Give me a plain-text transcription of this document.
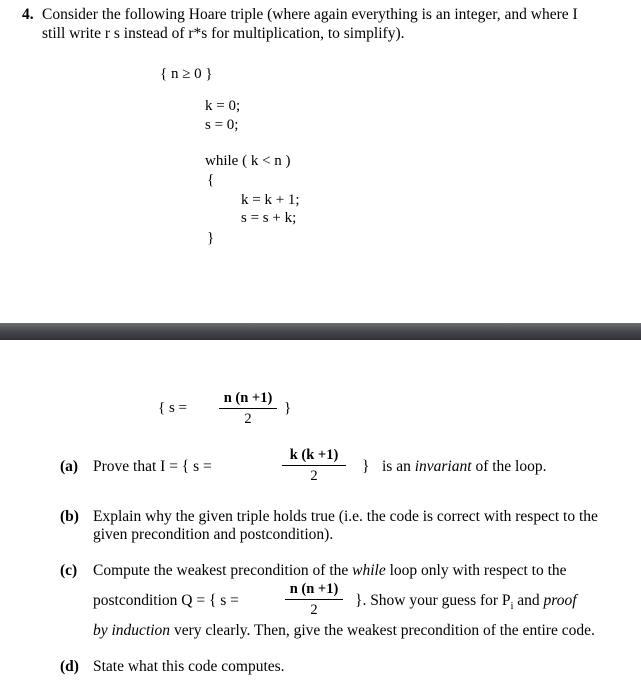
4. Consider the following Hoare triple (where again everything is an integer, and where I
still write r s instead of r*s for multiplication, to simplify).
{ n ≥ 0 }
k = 0;
s = 0;
while ( k < n )
{
k = k + 1;
s = s + k;
}
{ s =
n (n +1)
2
}
(a) Prove that I = { s =
k (k +1)
2
} is an invariant of the loop.
(b) Explain why the given triple holds true (i.e. the code is correct with respect to the
given precondition and postcondition).
(c) Compute the weakest precondition of the while loop only with respect to the
postcondition Q = { s =
n (n +1)
2
}. Show your guess for $P_i$ and proof
by induction very clearly. Then, give the weakest precondition of the entire code.
(d) State what this code computes.
